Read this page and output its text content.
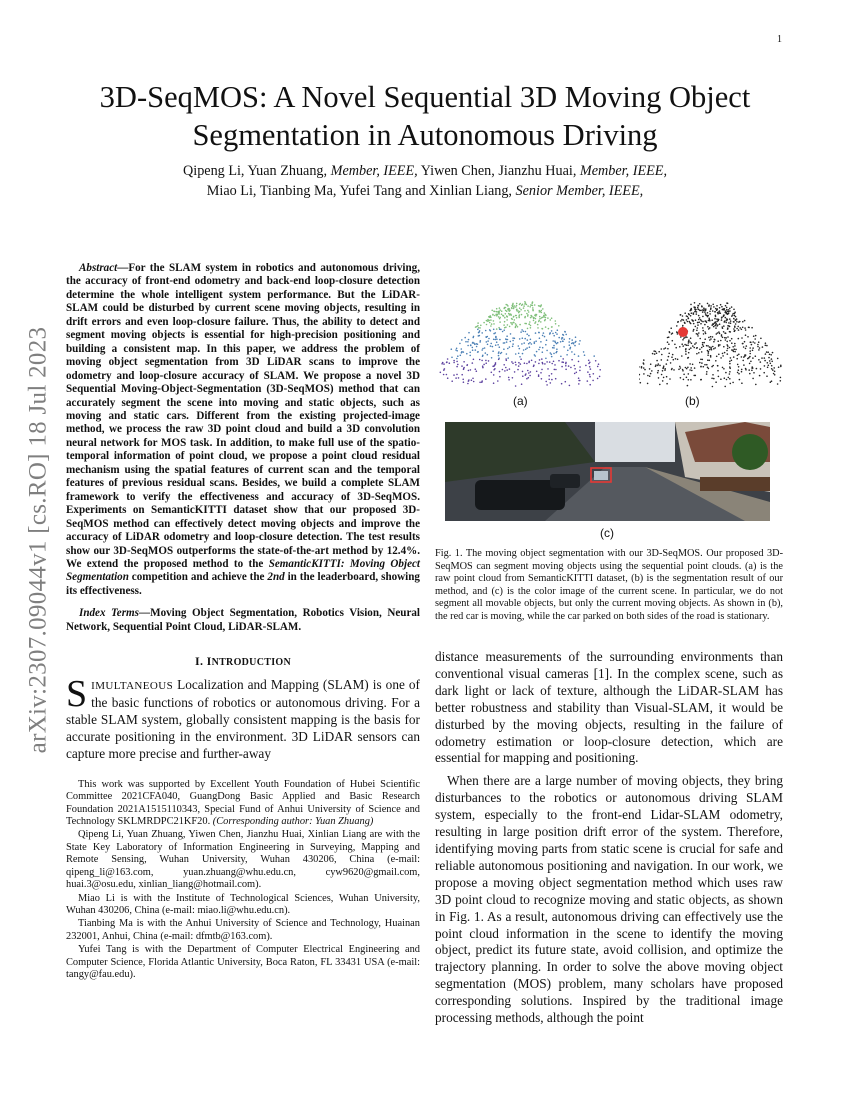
1
arXiv:2307.09044v1 [cs.RO] 18 Jul 2023
3D-SeqMOS: A Novel Sequential 3D Moving Object Segmentation in Autonomous Driving
Qipeng Li, Yuan Zhuang, Member, IEEE, Yiwen Chen, Jianzhu Huai, Member, IEEE,
Miao Li, Tianbing Ma, Yufei Tang and Xinlian Liang, Senior Member, IEEE,

Abstract—For the SLAM system in robotics and autonomous driving, the accuracy of front-end odometry and back-end loop-closure detection determine the whole intelligent system performance. But the LiDAR-SLAM could be disturbed by current scene moving objects, resulting in drift errors and even loop-closure failure. Thus, the ability to detect and segment moving objects is essential for high-precision positioning and building a consistent map. In this paper, we address the problem of moving object segmentation from 3D LiDAR scans to improve the odometry and loop-closure accuracy of SLAM. We propose a novel 3D Sequential Moving-Object-Segmentation (3D-SeqMOS) method that can accurately segment the scene into moving and static objects, such as moving and static cars. Different from the existing projected-image method, we process the raw 3D point cloud and build a 3D convolution neural network for MOS task. In addition, to make full use of the spatio-temporal information of point cloud, we propose a point cloud residual mechanism using the spatial features of current scan and the temporal features of previous residual scans. Besides, we build a complete SLAM framework to verify the effectiveness and accuracy of 3D-SeqMOS. Experiments on SemanticKITTI dataset show that our proposed 3D-SeqMOS method can effectively detect moving objects and improve the accuracy of LiDAR odometry and loop-closure detection. The test results show our 3D-SeqMOS outperforms the state-of-the-art method by 12.4%. We extend the proposed method to the SemanticKITTI: Moving Object Segmentation competition and achieve the 2nd in the leaderboard, showing its effectiveness.

Index Terms—Moving Object Segmentation, Robotics Vision, Neural Network, Sequential Point Cloud, LiDAR-SLAM.

I. INTRODUCTION

SIMULTANEOUS Localization and Mapping (SLAM) is one of the basic functions of robotics or autonomous driving. For a stable SLAM system, globally consistent mapping is the basis for accurate positioning in the environment. 3D LiDAR sensors can capture more precise and further-away

This work was supported by Excellent Youth Foundation of Hubei Scientific Committee 2021CFA040, GuangDong Basic Applied and Basic Research Foundation 2021A1515110343, Special Fund of Anhui University of Science and Technology SKLMRDPC21KF20. (Corresponding author: Yuan Zhuang)

Qipeng Li, Yuan Zhuang, Yiwen Chen, Jianzhu Huai, Xinlian Liang are with the State Key Laboratory of Information Engineering in Surveying, Mapping and Remote Sensing, Wuhan University, Wuhan 430206, China (e-mail: qipeng_li@163.com, yuan.zhuang@whu.edu.cn, cyw9620@gmail.com, huai.3@osu.edu, xinlian_liang@hotmail.com).

Miao Li is with the Institute of Technological Sciences, Wuhan University, Wuhan 430206, China (e-mail: miao.li@whu.edu.cn).

Tianbing Ma is with the Anhui University of Science and Technology, Huainan 232001, Anhui, China (e-mail: dfmtb@163.com).

Yufei Tang is with the Department of Computer Electrical Engineering and Computer Science, Florida Atlantic University, Boca Raton, FL 33431 USA (e-mail: tangy@fau.edu).

(a)	(b)
(c)

Fig. 1. The moving object segmentation with our 3D-SeqMOS. Our proposed 3D-SeqMOS can segment moving objects using the sequential point clouds. (a) is the raw point cloud from SemanticKITTI dataset, (b) is the segmentation result of our method, and (c) is the color image of the current scene. In particular, we do not segment all movable objects, but only the current moving objects. As shown in (b), the red car is moving, while the car parked on both sides of the road is stationary.

distance measurements of the surrounding environments than conventional visual cameras [1]. In the complex scene, such as dark light or lack of texture, although the LiDAR-SLAM has better robustness and stability than Visual-SLAM, it would be disturbed by the moving objects, resulting in the failure of odometry estimation or loop-closure detection, which are essential for mapping and positioning.

When there are a large number of moving objects, they bring disturbances to the robotics or autonomous driving SLAM system, especially to the front-end Lidar-SLAM odometry, resulting in large position drift error of the system. Therefore, identifying moving parts from static scene is crucial for safe and reliable autonomous positioning and navigation. In our work, we propose a moving object segmentation method which uses raw 3D point cloud to recognize moving and static objects, as shown in Fig. 1. As a result, autonomous driving can effectively use the point cloud information in the scene to identify the moving object, predict its future state, avoid collision, and optimize the trajectory planning. In order to solve the above moving object segmentation (MOS) problem, many scholars have proposed corresponding solutions. Inspired by the traditional image processing methods, although the point
